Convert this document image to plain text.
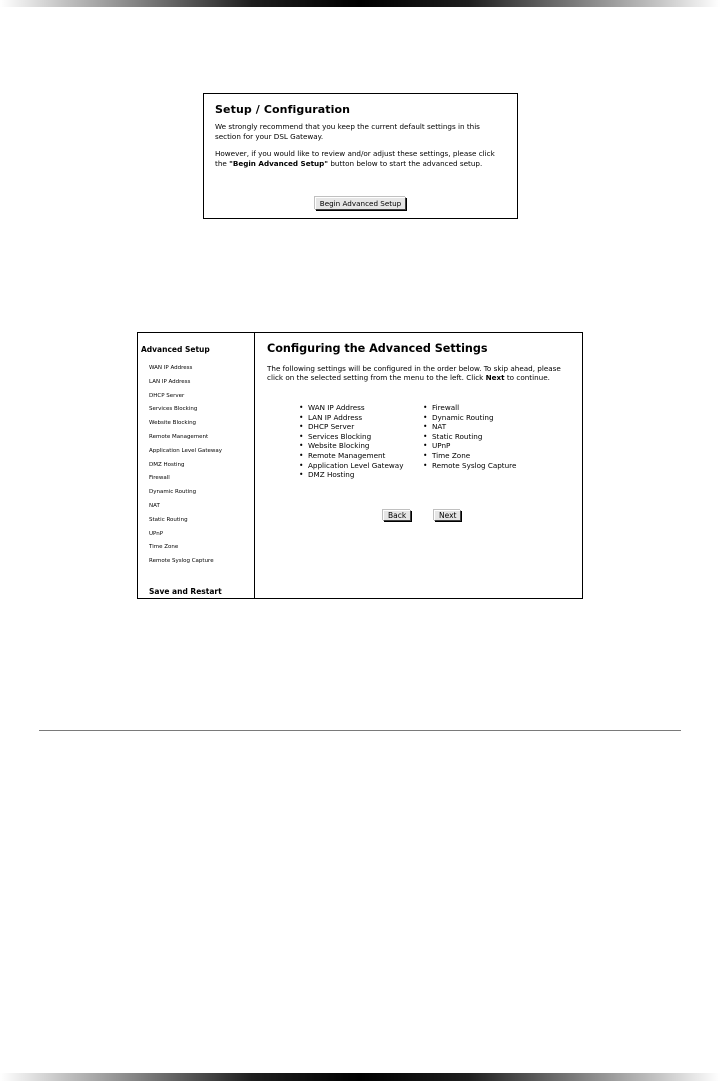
Setup / Configuration

We strongly recommend that you keep the current default settings in this section for your DSL Gateway.

However, if you would like to review and/or adjust these settings, please click the "Begin Advanced Setup" button below to start the advanced setup.

Begin Advanced Setup
Advanced Setup
WAN IP Address
LAN IP Address
DHCP Server
Services Blocking
Website Blocking
Remote Management
Application Level Gateway
DMZ Hosting
Firewall
Dynamic Routing
NAT
Static Routing
UPnP
Time Zone
Remote Syslog Capture
Save and Restart
Configuring the Advanced Settings

The following settings will be configured in the order below. To skip ahead, please click on the selected setting from the menu to the left. Click Next to continue.

• WAN IP Address
• LAN IP Address
• DHCP Server
• Services Blocking
• Website Blocking
• Remote Management
• Application Level Gateway
• DMZ Hosting
• Firewall
• Dynamic Routing
• NAT
• Static Routing
• UPnP
• Time Zone
• Remote Syslog Capture
Back	Next
